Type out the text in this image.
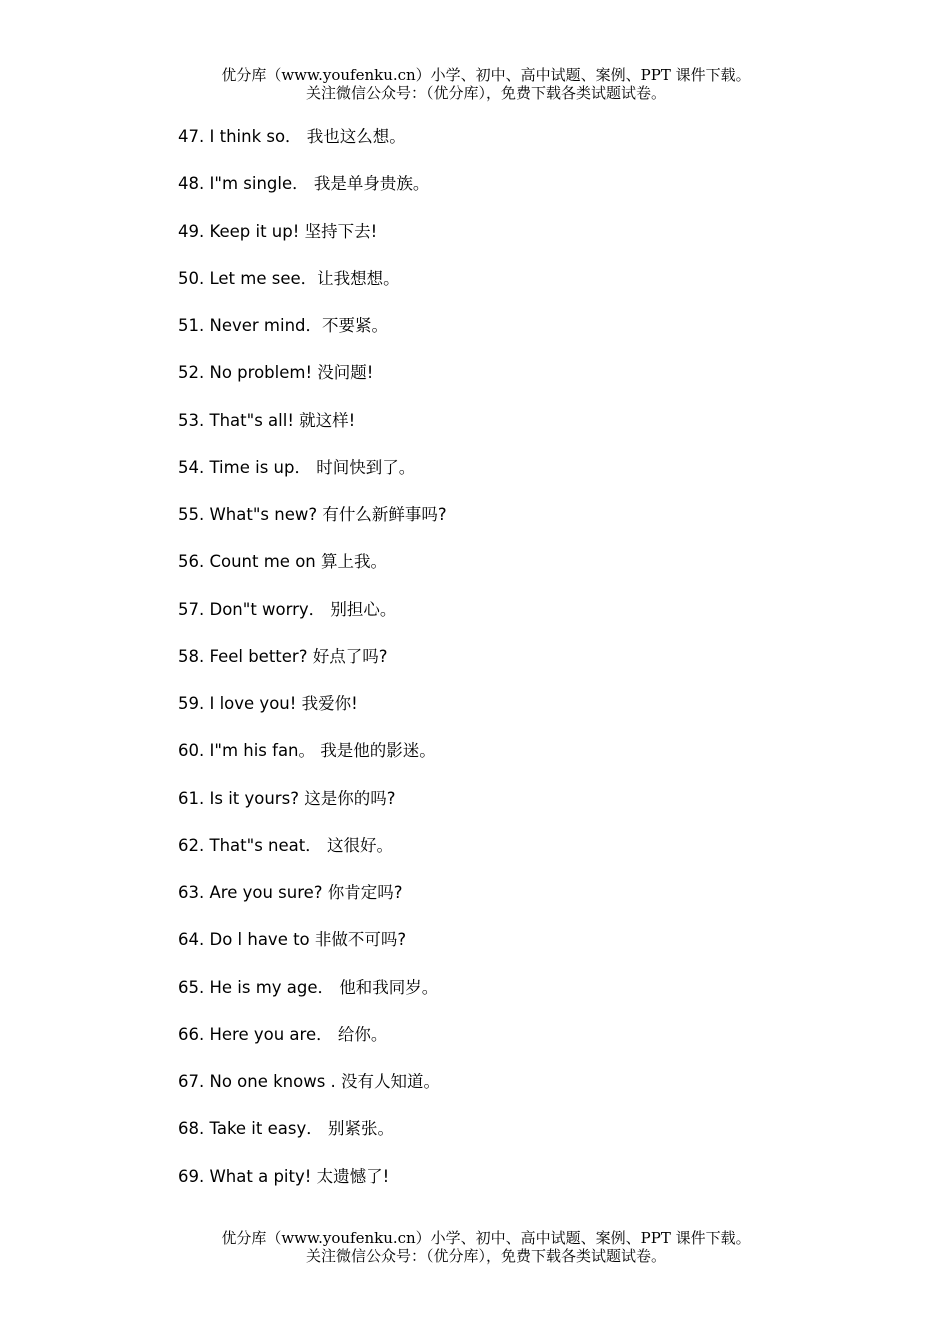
优分库（www.youfenku.cn）小学、初中、高中试题、案例、PPT 课件下载。
关注微信公众号：（优分库），免费下载各类试题试卷。
47. I think so． 我也这么想。
48. I"m single． 我是单身贵族。
49. Keep it up! 坚持下去!
50. Let me see．让我想想。
51. Never mind．不要紧。
52. No problem! 没问题!
53. That"s all! 就这样!
54. Time is up． 时间快到了。
55. What"s new? 有什么新鲜事吗?
56. Count me on 算上我。
57. Don"t worry． 别担心。
58. Feel better? 好点了吗?
59. I love you! 我爱你!
60. I"m his fan。 我是他的影迷。
61. Is it yours? 这是你的吗?
62. That"s neat． 这很好。
63. Are you sure? 你肯定吗?
64. Do l have to 非做不可吗?
65. He is my age． 他和我同岁。
66. Here you are． 给你。
67. No one knows . 没有人知道。
68. Take it easy． 别紧张。
69. What a pity! 太遗憾了!
优分库（www.youfenku.cn）小学、初中、高中试题、案例、PPT 课件下载。
关注微信公众号：（优分库），免费下载各类试题试卷。
